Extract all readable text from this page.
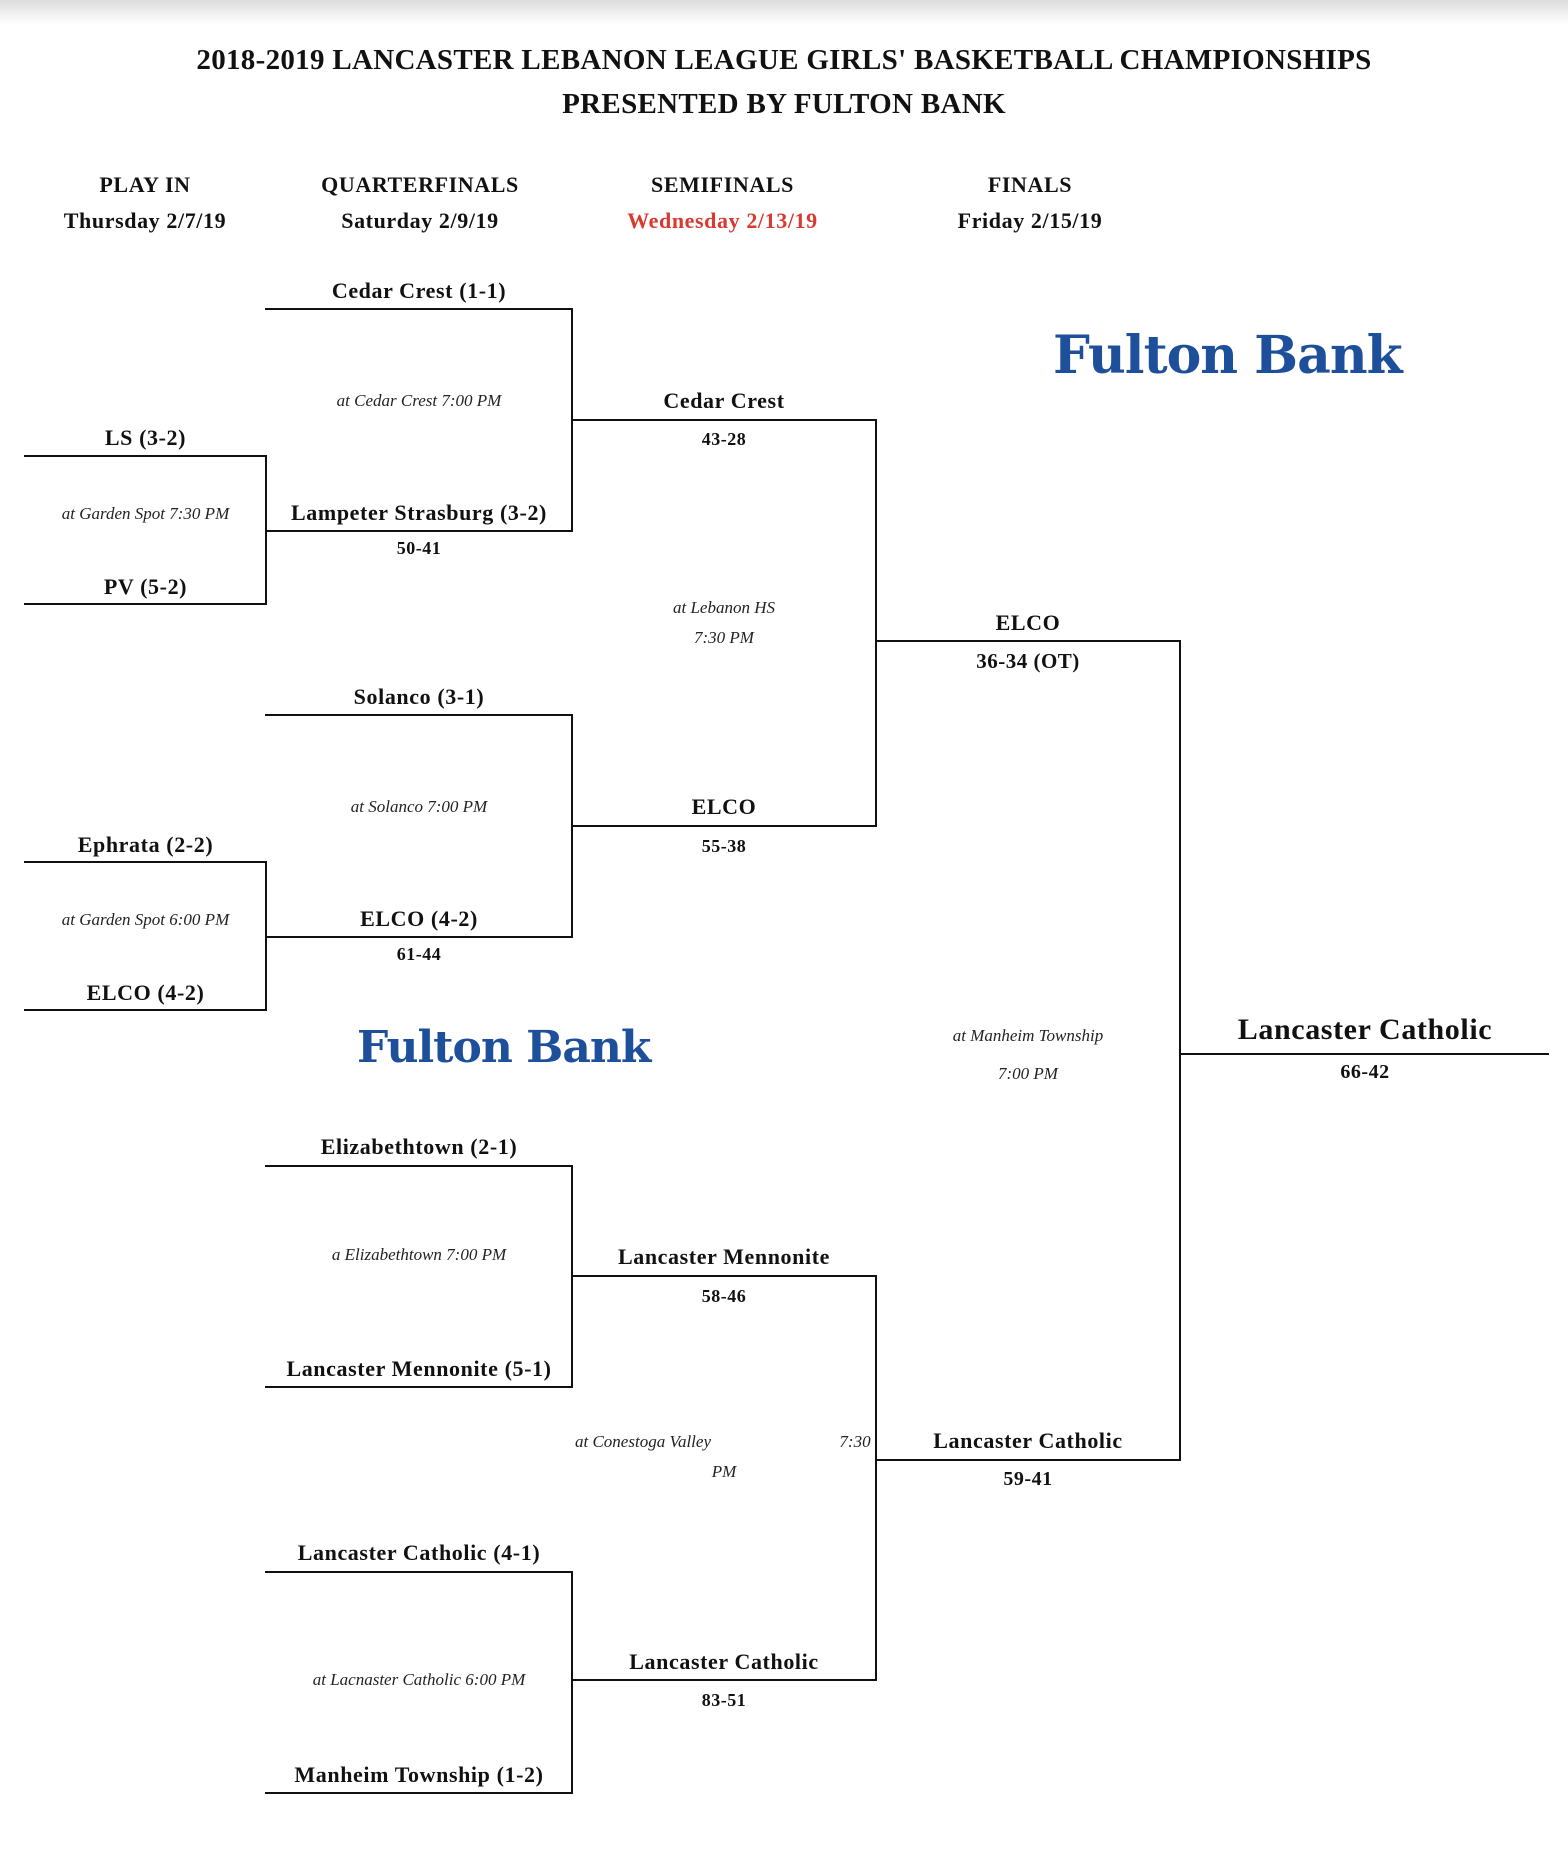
2018-2019 LANCASTER LEBANON LEAGUE GIRLS' BASKETBALL CHAMPIONSHIPS
PRESENTED BY FULTON BANK
PLAY IN
Thursday 2/7/19
QUARTERFINALS
Saturday 2/9/19
SEMIFINALS
Wednesday 2/13/19
FINALS
Friday 2/15/19
Fulton Bank
Fulton Bank
LS (3-2)
at Garden Spot 7:30 PM
PV (5-2)
Ephrata (2-2)
at Garden Spot 6:00 PM
ELCO (4-2)
Cedar Crest (1-1)
at Cedar Crest 7:00 PM
Lampeter Strasburg (3-2)
50-41
Solanco (3-1)
at Solanco 7:00 PM
ELCO (4-2)
61-44
Elizabethtown (2-1)
a Elizabethtown 7:00 PM
Lancaster Mennonite (5-1)
Lancaster Catholic (4-1)
at Lacnaster Catholic 6:00 PM
Manheim Township (1-2)
Cedar Crest
43-28
at Lebanon HS
7:30 PM
ELCO
55-38
Lancaster Mennonite
58-46
at Conestoga Valley	7:30
PM
Lancaster Catholic
83-51
ELCO
36-34 (OT)
at Manheim Township
7:00 PM
Lancaster Catholic
59-41
Lancaster Catholic
66-42
